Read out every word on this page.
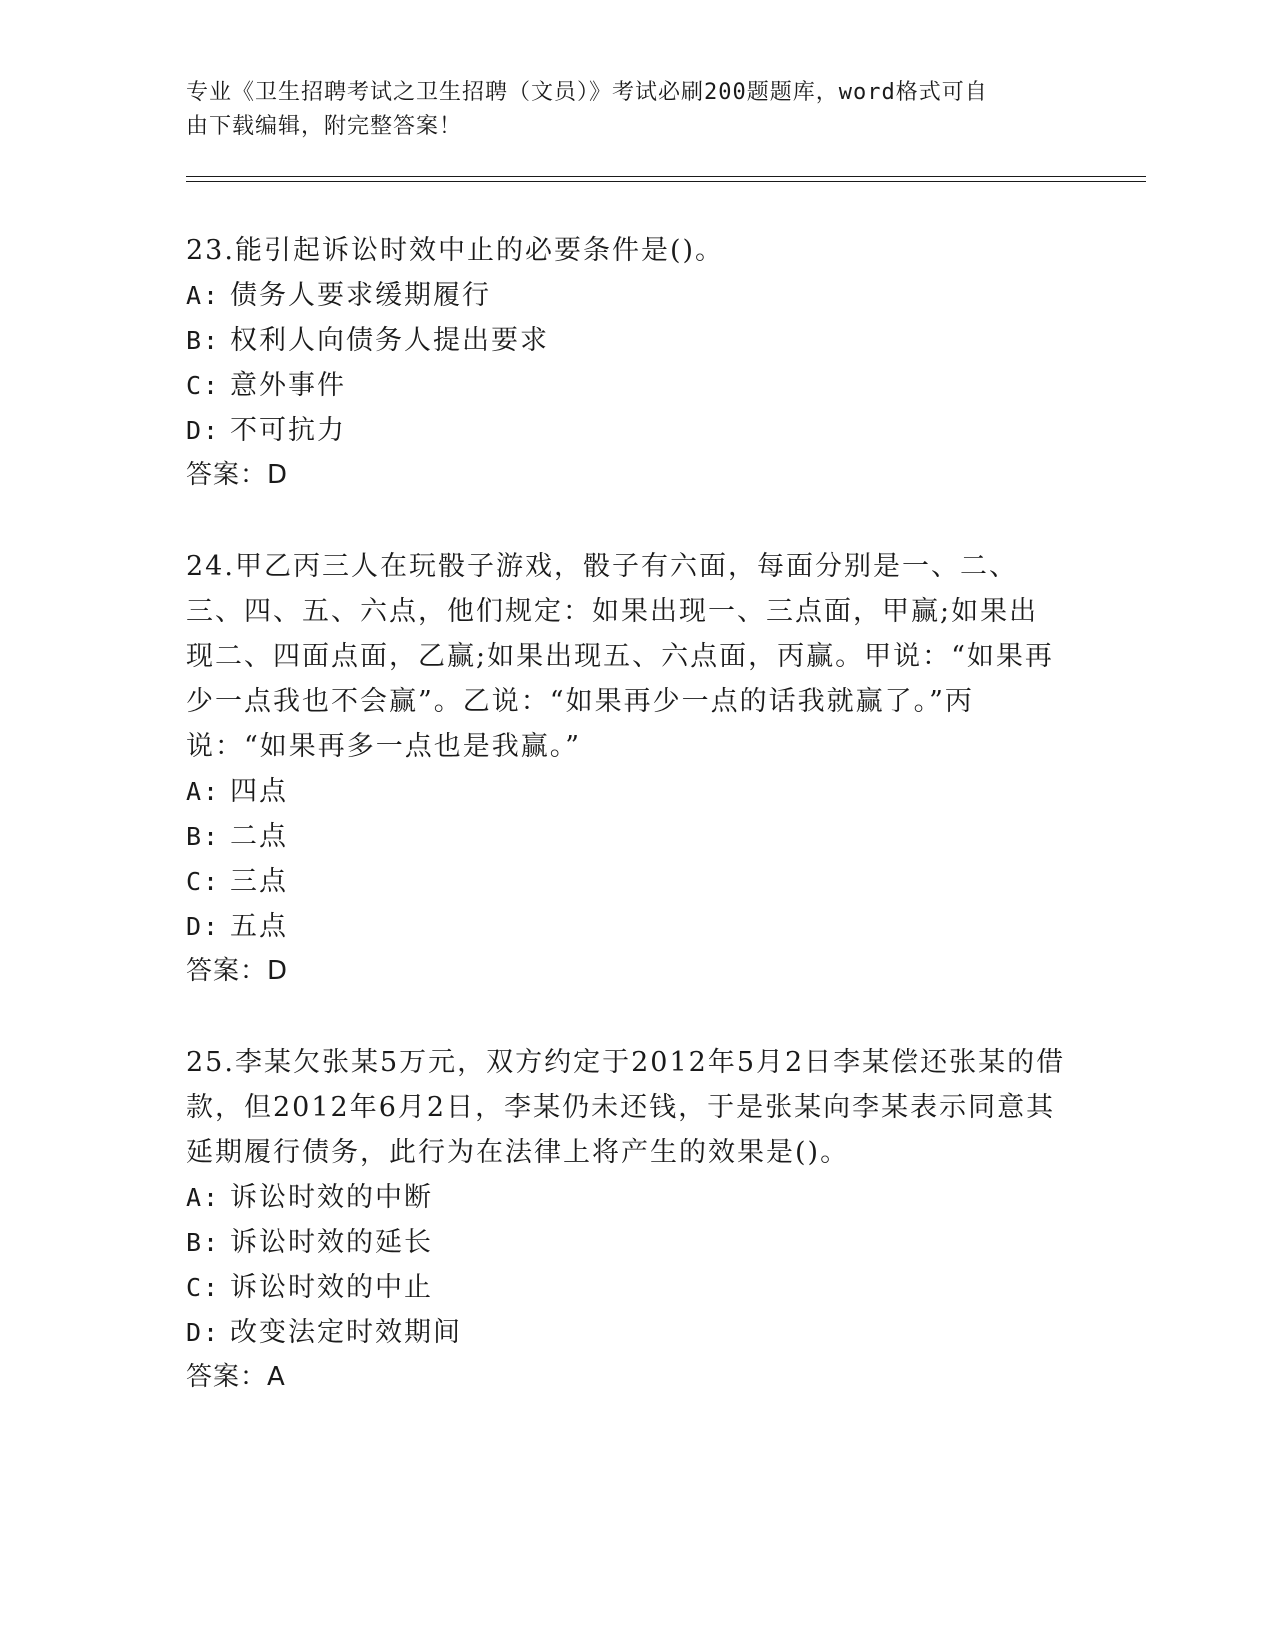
专业《卫生招聘考试之卫生招聘（文员）》考试必刷200题题库，word格式可自
由下载编辑，附完整答案！

23.能引起诉讼时效中止的必要条件是()。

A: 债务人要求缓期履行
B: 权利人向债务人提出要求
C: 意外事件
D: 不可抗力

答案：D

24.甲乙丙三人在玩骰子游戏，骰子有六面，每面分别是一、二、三、四、五、六点，他们规定：如果出现一、三点面，甲赢;如果出现二、四面点面，乙赢;如果出现五、六点面，丙赢。甲说：“如果再少一点我也不会赢”。乙说：“如果再少一点的话我就赢了。”丙说：“如果再多一点也是我赢。”

A: 四点
B: 二点
C: 三点
D: 五点

答案：D

25.李某欠张某5万元，双方约定于2012年5月2日李某偿还张某的借款，但2012年6月2日，李某仍未还钱，于是张某向李某表示同意其延期履行债务，此行为在法律上将产生的效果是()。

A: 诉讼时效的中断
B: 诉讼时效的延长
C: 诉讼时效的中止
D: 改变法定时效期间

答案：A
